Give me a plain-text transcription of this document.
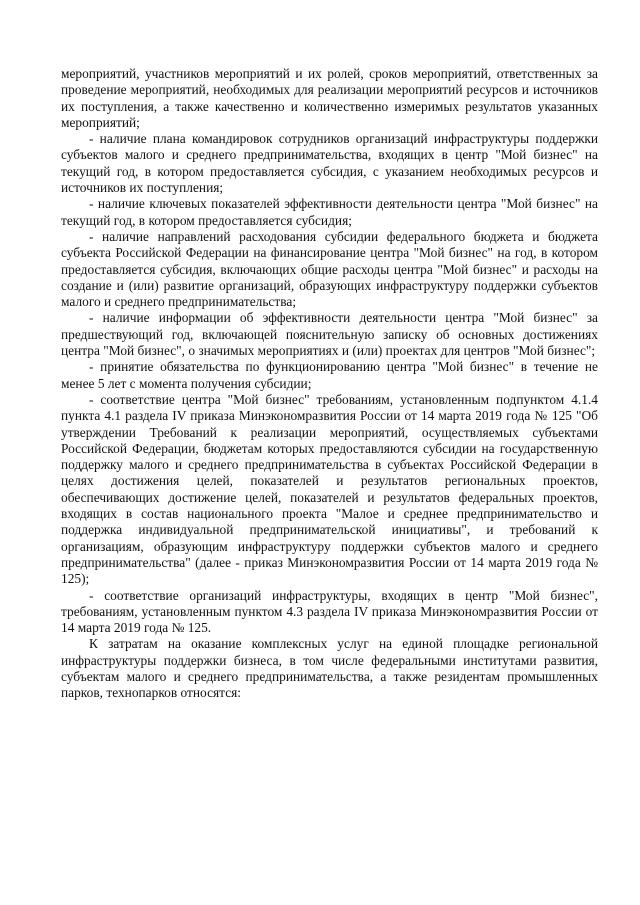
мероприятий, участников мероприятий и их ролей, сроков мероприятий, ответственных за проведение мероприятий, необходимых для реализации мероприятий ресурсов и источников их поступления, а также качественно и количественно измеримых результатов указанных мероприятий;

- наличие плана командировок сотрудников организаций инфраструктуры поддержки субъектов малого и среднего предпринимательства, входящих в центр "Мой бизнес" на текущий год, в котором предоставляется субсидия, с указанием необходимых ресурсов и источников их поступления;

- наличие ключевых показателей эффективности деятельности центра "Мой бизнес" на текущий год, в котором предоставляется субсидия;

- наличие направлений расходования субсидии федерального бюджета и бюджета субъекта Российской Федерации на финансирование центра "Мой бизнес" на год, в котором предоставляется субсидия, включающих общие расходы центра "Мой бизнес" и расходы на создание и (или) развитие организаций, образующих инфраструктуру поддержки субъектов малого и среднего предпринимательства;

- наличие информации об эффективности деятельности центра "Мой бизнес" за предшествующий год, включающей пояснительную записку об основных достижениях центра "Мой бизнес", о значимых мероприятиях и (или) проектах для центров "Мой бизнес";

- принятие обязательства по функционированию центра "Мой бизнес" в течение не менее 5 лет с момента получения субсидии;

- соответствие центра "Мой бизнес" требованиям, установленным подпунктом 4.1.4 пункта 4.1 раздела IV приказа Минэкономразвития России от 14 марта 2019 года № 125 "Об утверждении Требований к реализации мероприятий, осуществляемых субъектами Российской Федерации, бюджетам которых предоставляются субсидии на государственную поддержку малого и среднего предпринимательства в субъектах Российской Федерации в целях достижения целей, показателей и результатов региональных проектов, обеспечивающих достижение целей, показателей и результатов федеральных проектов, входящих в состав национального проекта "Малое и среднее предпринимательство и поддержка индивидуальной предпринимательской инициативы", и требований к организациям, образующим инфраструктуру поддержки субъектов малого и среднего предпринимательства" (далее - приказ Минэкономразвития России от 14 марта 2019 года № 125);

- соответствие организаций инфраструктуры, входящих в центр "Мой бизнес", требованиям, установленным пунктом 4.3 раздела IV приказа Минэкономразвития России от 14 марта 2019 года № 125.

К затратам на оказание комплексных услуг на единой площадке региональной инфраструктуры поддержки бизнеса, в том числе федеральными институтами развития, субъектам малого и среднего предпринимательства, а также резидентам промышленных парков, технопарков относятся:
